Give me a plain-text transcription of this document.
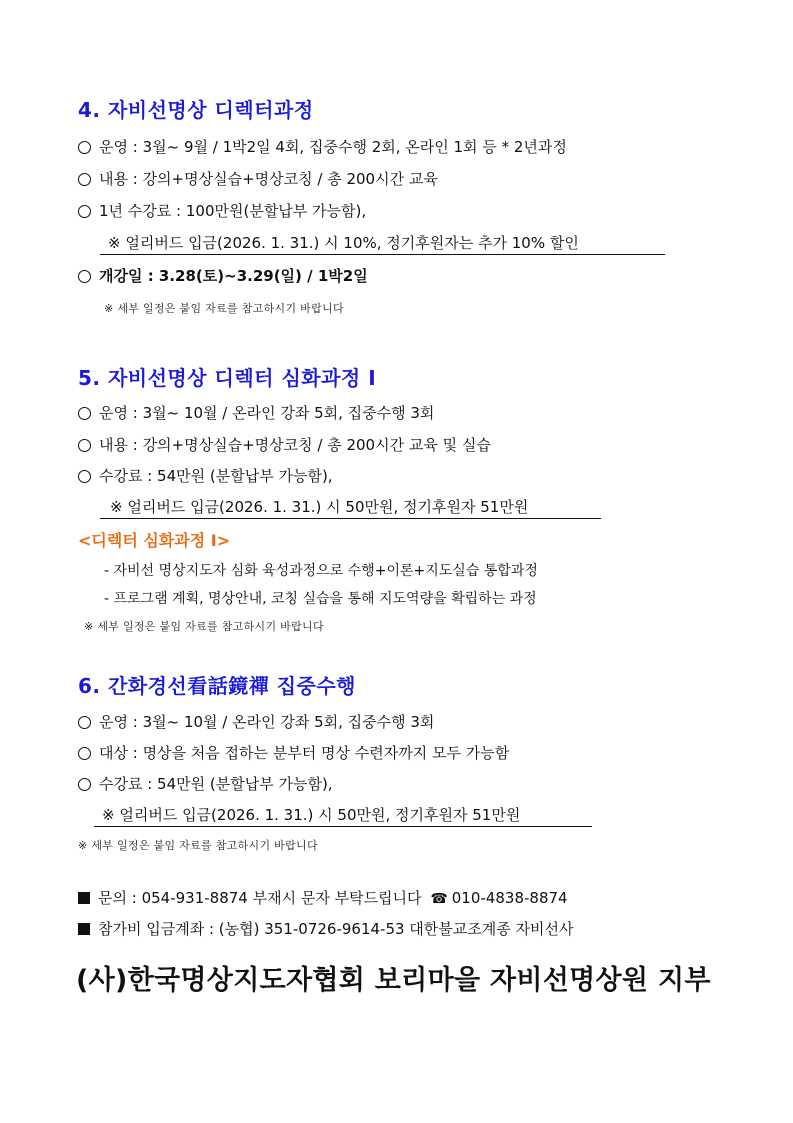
4. 자비선명상 디렉터과정
운영 : 3월~ 9월 / 1박2일 4회, 집중수행 2회, 온라인 1회 등 * 2년과정
내용 : 강의+명상실습+명상코칭 / 총 200시간 교육
1년 수강료 : 100만원(분할납부 가능함),
※ 얼리버드 입금(2026. 1. 31.) 시 10%, 정기후원자는 추가 10% 할인
개강일 : 3.28(토)~3.29(일) / 1박2일
※ 세부 일정은 붙임 자료를 참고하시기 바랍니다
5. 자비선명상 디렉터 심화과정 Ⅰ
운영 : 3월~ 10월 / 온라인 강좌 5회, 집중수행 3회
내용 : 강의+명상실습+명상코칭 / 총 200시간 교육 및 실습
수강료 : 54만원 (분할납부 가능함),
※ 얼리버드 입금(2026. 1. 31.) 시 50만원, 정기후원자 51만원
<디렉터 심화과정 Ⅰ>
- 자비선 명상지도자 심화 육성과정으로 수행+이론+지도실습 통합과정
- 프로그램 계획, 명상안내, 코칭 실습을 통해 지도역량을 확립하는 과정
※ 세부 일정은 붙임 자료를 참고하시기 바랍니다
6. 간화경선看話鏡禪 집중수행
운영 : 3월~ 10월 / 온라인 강좌 5회, 집중수행 3회
대상 : 명상을 처음 접하는 분부터 명상 수련자까지 모두 가능함
수강료 : 54만원 (분할납부 가능함),
※ 얼리버드 입금(2026. 1. 31.) 시 50만원, 정기후원자 51만원
※ 세부 일정은 붙임 자료를 참고하시기 바랍니다
문의 : 054-931-8874 부재시 문자 부탁드립니다 ☎ 010-4838-8874
참가비 입금계좌 : (농협) 351-0726-9614-53 대한불교조계종 자비선사
(사)한국명상지도자협회 보리마을 자비선명상원 지부
